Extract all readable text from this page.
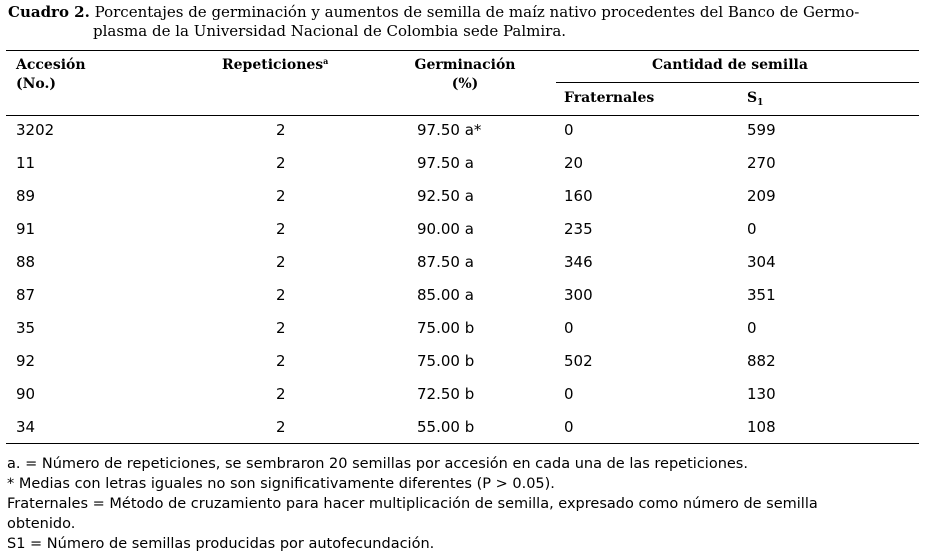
Cuadro 2. Porcentajes de germinación y aumentos de semilla de maíz nativo procedentes del Banco de Germo-
plasma de la Universidad Nacional de Colombia sede Palmira.
Accesión
(No.)
Repeticiones$^a$	Germinación
(%)
Cantidad de semilla
Fraternales	$S_1$
3202	2	97.50 a*	0	599
11	2	97.50 a	20	270
89	2	92.50 a	160	209
91	2	90.00 a	235	0
88	2	87.50 a	346	304
87	2	85.00 a	300	351
35	2	75.00 b	0	0
92	2	75.00 b	502	882
90	2	72.50 b	0	130
34	2	55.00 b	0	108
a. = Número de repeticiones, se sembraron 20 semillas por accesión en cada una de las repeticiones.
* Medias con letras iguales no son significativamente diferentes (P > 0.05).
Fraternales = Método de cruzamiento para hacer multiplicación de semilla, expresado como número de semilla
obtenido.
S1 = Número de semillas producidas por autofecundación.
